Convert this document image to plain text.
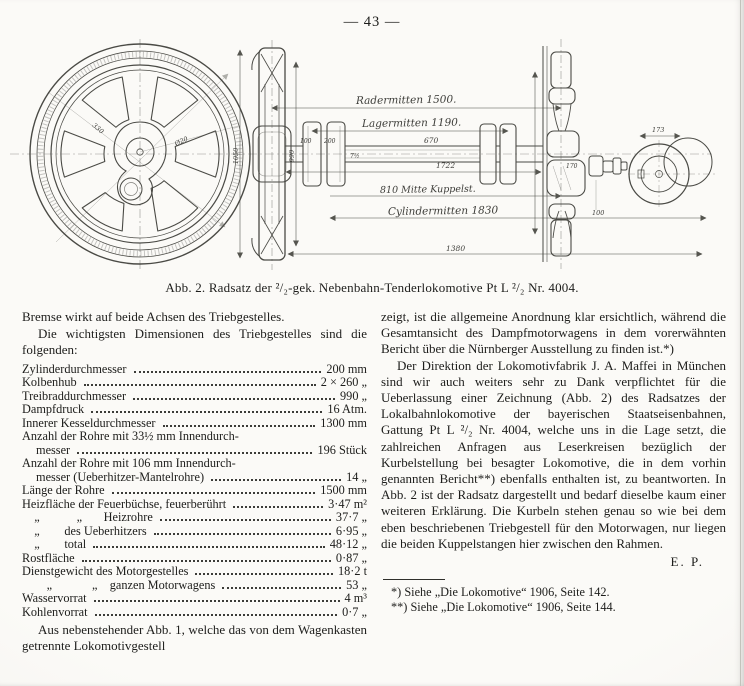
— 43 —
Ø20
330
Radermitten 1500.
Lagermitten 1190.
670
1722
810 Mitte Kuppelst.
Cylindermitten 1830
1380
100 200
7½
100
170
1050	990
173
Abb. 2. Radsatz der ²/₂-gek. Nebenbahn-Tenderlokomotive Pt L ²/₂ Nr. 4004.

Bremse wirkt auf beide Achsen des Triebgestelles.

Die wichtigsten Dimensionen des Triebgestelles sind die folgenden:

Zylinderdurchmesser	200 mm
Kolbenhub	2 × 260 „
Treibraddurchmesser	990 „
Dampfdruck	16 Atm.
Innerer Kesseldurchmesser	1300 mm
Anzahl der Rohre mit 33½ mm Innendurch-
messer	196 Stück
Anzahl der Rohre mit 106 mm Innendurch-
messer (Ueberhitzer-Mantelrohre)	14 „
Länge der Rohre	1500 mm
Heizfläche der Feuerbüchse, feuerberührt	3·47 m²
„            „       Heizrohre	37·7 „
„        des Ueberhitzers	6·95 „
„        total	48·12 „
Rostfläche	0·87 „
Dienstgewicht des Motorgestelles	18·2 t
„             „    ganzen Motorwagens	53 „
Wasservorrat	4 m³
Kohlenvorrat	0·7 „

Aus nebenstehender Abb. 1, welche das von dem Wagenkasten getrennte Lokomotivgestell

zeigt, ist die allgemeine Anordnung klar ersichtlich, während die Gesamtansicht des Dampfmotorwagens in dem vorerwähnten Bericht über die Nürnberger Ausstellung zu finden ist.*)

Der Direktion der Lokomotivfabrik J. A. Maffei in München sind wir auch weiters sehr zu Dank verpflichtet für die Ueberlassung einer Zeichnung (Abb. 2) des Radsatzes der Lokalbahnlokomotive der bayerischen Staatseisenbahnen, Gattung Pt L ²/₂ Nr. 4004, welche uns in die Lage setzt, die zahlreichen Anfragen aus Leserkreisen bezüglich der Kurbelstellung bei besagter Lokomotive, die in dem vorhin genannten Bericht**) ebenfalls enthalten ist, zu beantworten. In Abb. 2 ist der Radsatz dargestellt und bedarf dieselbe kaum einer weiteren Erklärung. Die Kurbeln stehen genau so wie bei dem eben beschriebenen Triebgestell für den Motorwagen, nur liegen die beiden Kuppelstangen hier zwischen den Rahmen.

E. P.
*) Siehe „Die Lokomotive“ 1906, Seite 142.
**) Siehe „Die Lokomotive“ 1906, Seite 144.
